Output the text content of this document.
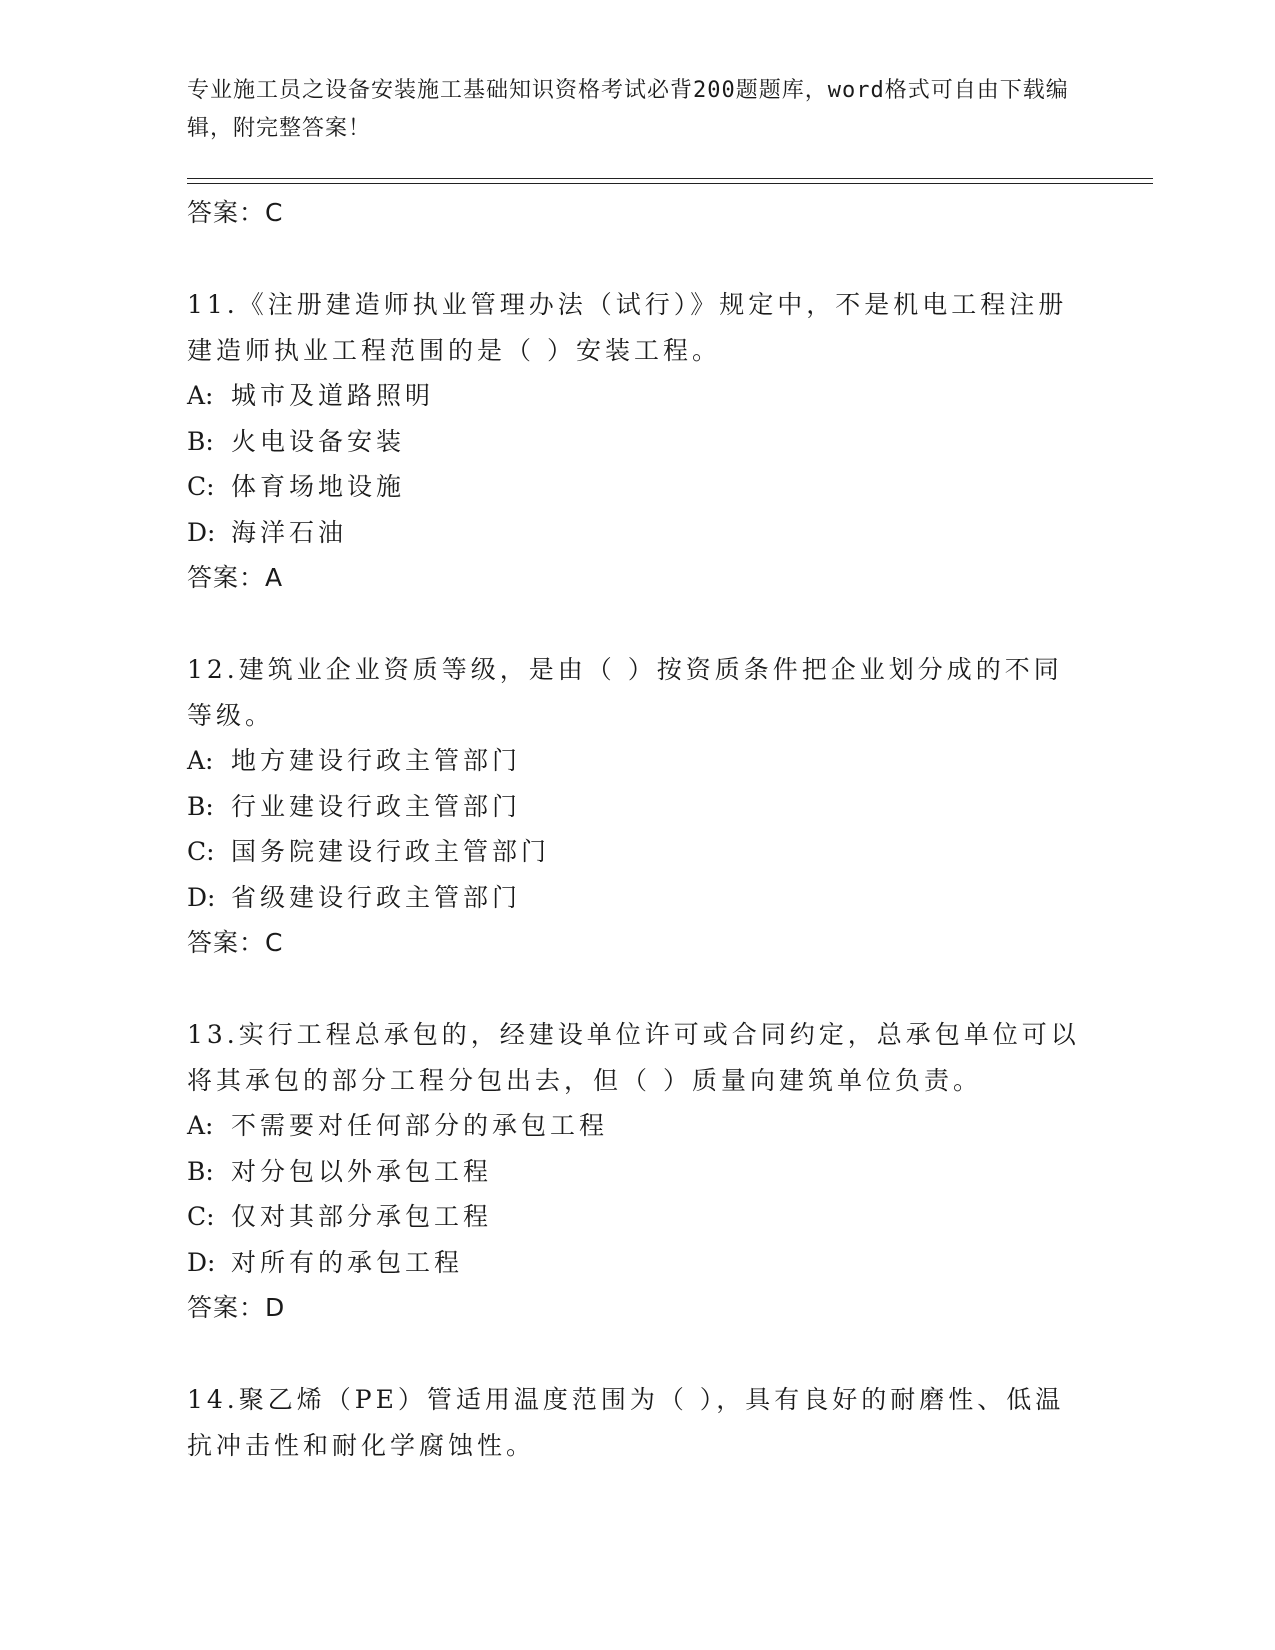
专业施工员之设备安装施工基础知识资格考试必背200题题库，word格式可自由下载编辑，附完整答案！
答案：C
11.《注册建造师执业管理办法（试行）》规定中，不是机电工程注册建造师执业工程范围的是（ ）安装工程。
A: 城市及道路照明
B: 火电设备安装
C: 体育场地设施
D: 海洋石油
答案：A
12.建筑业企业资质等级，是由（ ）按资质条件把企业划分成的不同等级。
A: 地方建设行政主管部门
B: 行业建设行政主管部门
C: 国务院建设行政主管部门
D: 省级建设行政主管部门
答案：C
13.实行工程总承包的，经建设单位许可或合同约定，总承包单位可以将其承包的部分工程分包出去，但（ ）质量向建筑单位负责。
A: 不需要对任何部分的承包工程
B: 对分包以外承包工程
C: 仅对其部分承包工程
D: 对所有的承包工程
答案：D
14.聚乙烯（PE）管适用温度范围为（ ），具有良好的耐磨性、低温抗冲击性和耐化学腐蚀性。
